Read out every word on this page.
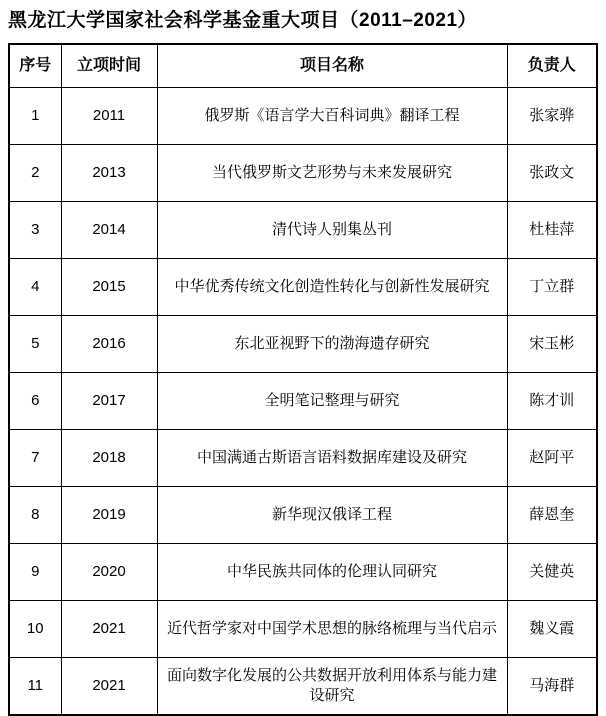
黑龙江大学国家社会科学基金重大项目（2011–2021）
序号	立项时间	项目名称	负责人
1	2011	俄罗斯《语言学大百科词典》翻译工程	张家骅
2	2013	当代俄罗斯文艺形势与未来发展研究	张政文
3	2014	清代诗人别集丛刊	杜桂萍
4	2015	中华优秀传统文化创造性转化与创新性发展研究	丁立群
5	2016	东北亚视野下的渤海遗存研究	宋玉彬
6	2017	全明笔记整理与研究	陈才训
7	2018	中国满通古斯语言语料数据库建设及研究	赵阿平
8	2019	新华现汉俄译工程	薛恩奎
9	2020	中华民族共同体的伦理认同研究	关健英
10	2021	近代哲学家对中国学术思想的脉络梳理与当代启示	魏义霞
11	2021	面向数字化发展的公共数据开放利用体系与能力建设研究	马海群
